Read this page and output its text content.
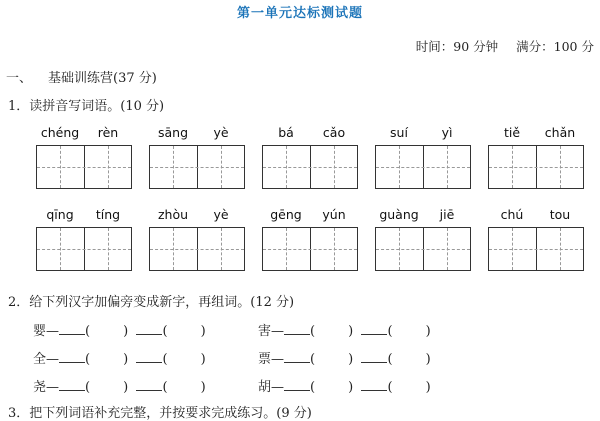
第一单元达标测试题
时间：90 分钟 满分：100 分
一、 基础训练营(37 分)
1．读拼音写词语。(10 分)
chéng	rèn	sāng	yè	bá	cǎo	suí	yì	tiě	chǎn
qīng	tíng	zhòu	yè	gēng	yún	guàng	jiē	chú	tou
2．给下列汉字加偏旁变成新字，再组词。(12 分)
婴— (        )	(        )	害— (        )	(        )
全— (        )	(        )	票— (        )	(        )
尧— (        )	(        )	胡— (        )	(        )
3．把下列词语补充完整，并按要求完成练习。(9 分)
